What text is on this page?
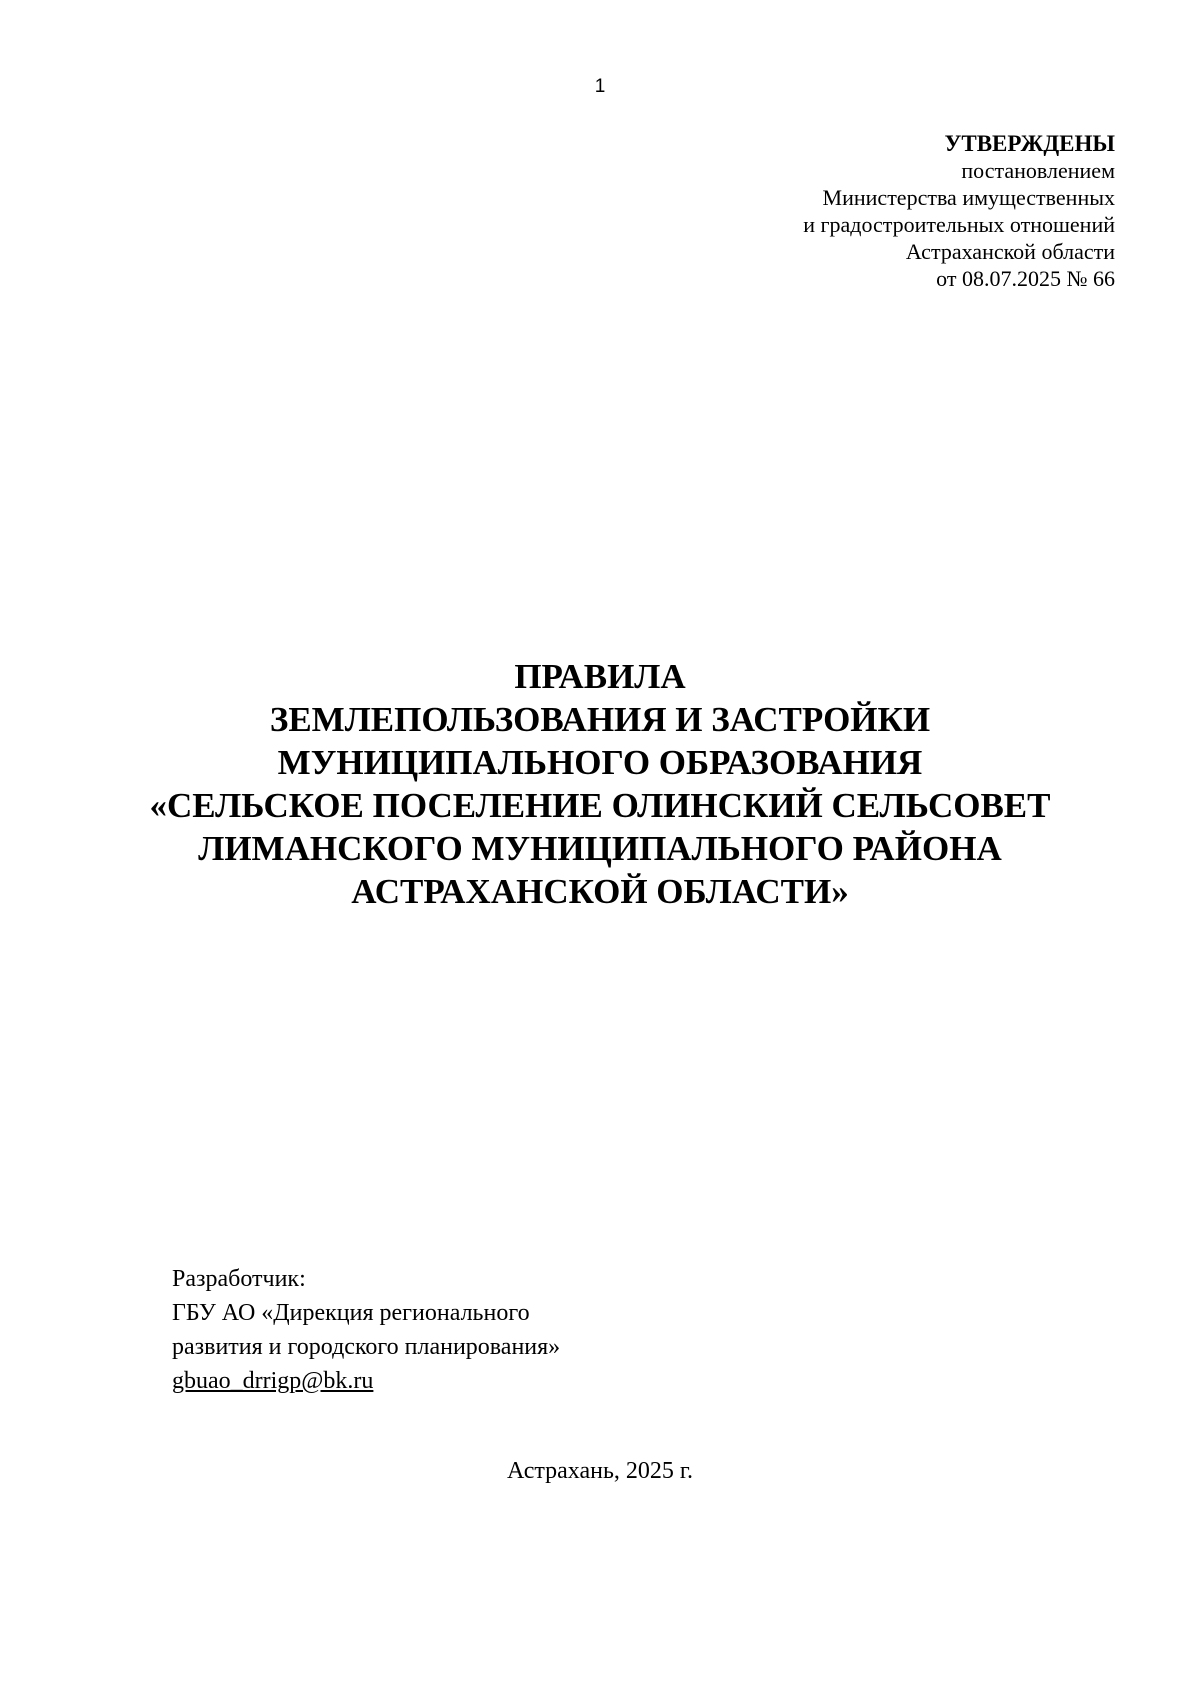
1
УТВЕРЖДЕНЫ
постановлением
Министерства имущественных
и градостроительных отношений
Астраханской области
от 08.07.2025 № 66
ПРАВИЛА
ЗЕМЛЕПОЛЬЗОВАНИЯ И ЗАСТРОЙКИ
МУНИЦИПАЛЬНОГО ОБРАЗОВАНИЯ
«СЕЛЬСКОЕ ПОСЕЛЕНИЕ ОЛИНСКИЙ СЕЛЬСОВЕТ
ЛИМАНСКОГО МУНИЦИПАЛЬНОГО РАЙОНА
АСТРАХАНСКОЙ ОБЛАСТИ»
Разработчик:
ГБУ АО «Дирекция регионального
развития и городского планирования»
gbuao_drrigp@bk.ru
Астрахань, 2025 г.
